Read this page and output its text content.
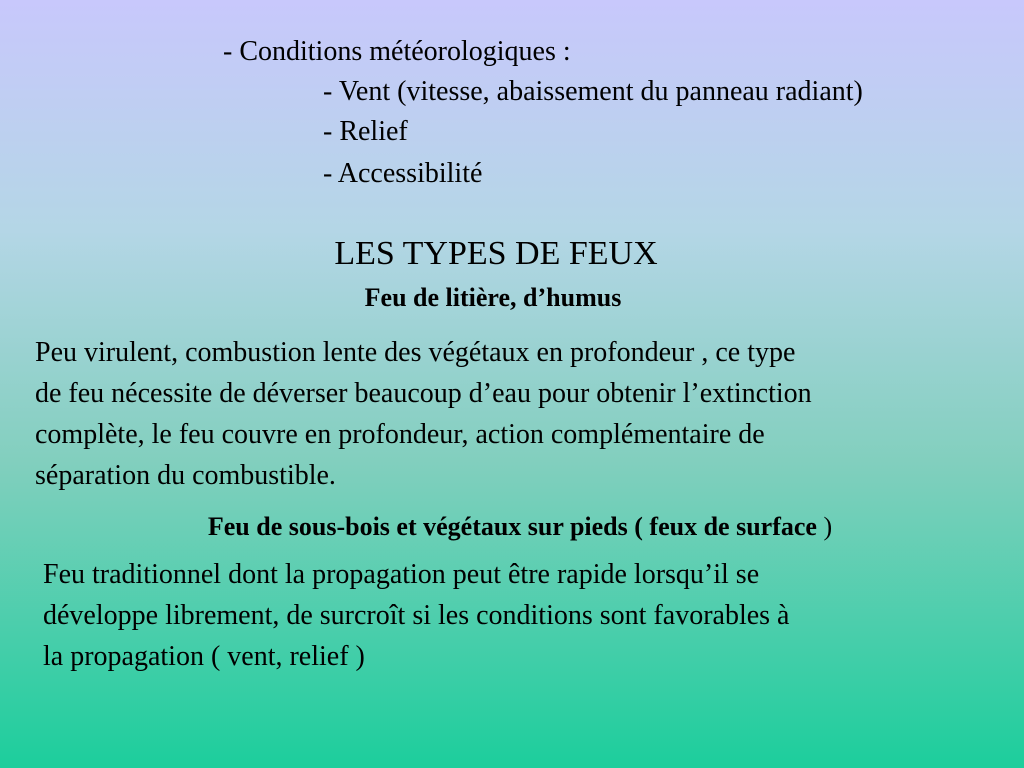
- Conditions météorologiques :

- Vent (vitesse, abaissement du panneau radiant)

- Relief

- Accessibilité

LES TYPES DE FEUX
Feu de litière, d’humus
Peu virulent, combustion lente des végétaux en profondeur , ce type
de feu nécessite de déverser beaucoup d’eau pour obtenir l’extinction
complète, le feu couvre en profondeur, action complémentaire de
séparation du combustible.
Feu de sous-bois et végétaux sur pieds ( feux de surface )
Feu traditionnel dont la propagation peut être rapide lorsqu’il se
développe librement, de surcroît si les conditions sont favorables à
la propagation ( vent, relief )
